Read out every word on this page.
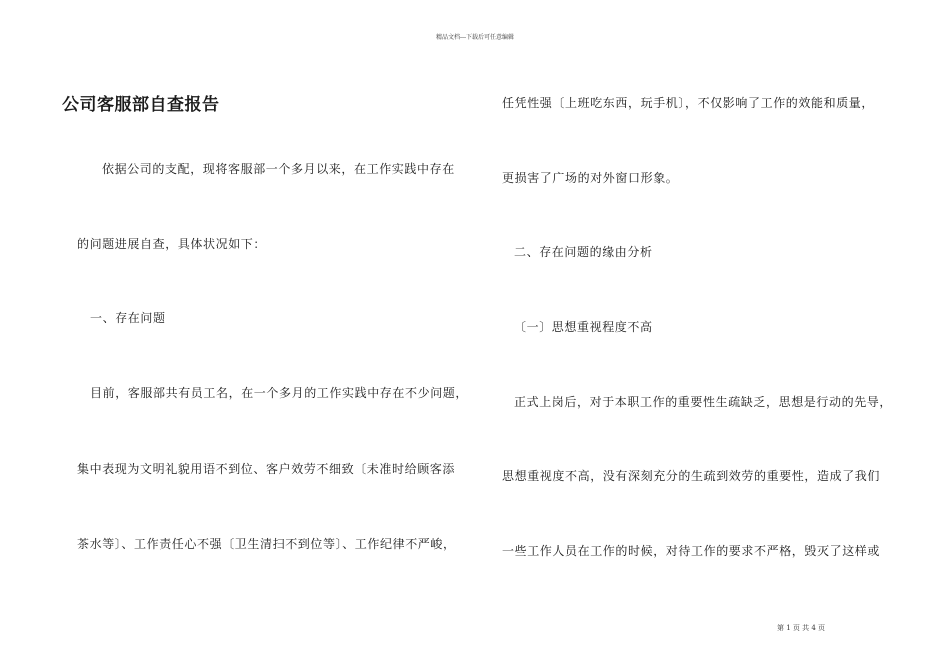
精品文档---下载后可任意编辑
公司客服部自查报告
依据公司的支配，现将客服部一个多月以来，在工作实践中存在
的问题进展自查，具体状况如下：
一、存在问题
目前，客服部共有员工名，在一个多月的工作实践中存在不少问题，
集中表现为文明礼貌用语不到位、客户效劳不细致〔未准时给顾客添
茶水等〕、工作责任心不强〔卫生清扫不到位等〕、工作纪律不严峻，
任凭性强〔上班吃东西，玩手机〕，不仅影响了工作的效能和质量，
更损害了广场的对外窗口形象。
二、存在问题的缘由分析
〔一〕思想重视程度不高
正式上岗后，对于本职工作的重要性生疏缺乏，思想是行动的先导，
思想重视度不高，没有深刻充分的生疏到效劳的重要性，造成了我们
一些工作人员在工作的时候，对待工作的要求不严格，毁灭了这样或
第 1 页 共 4 页
